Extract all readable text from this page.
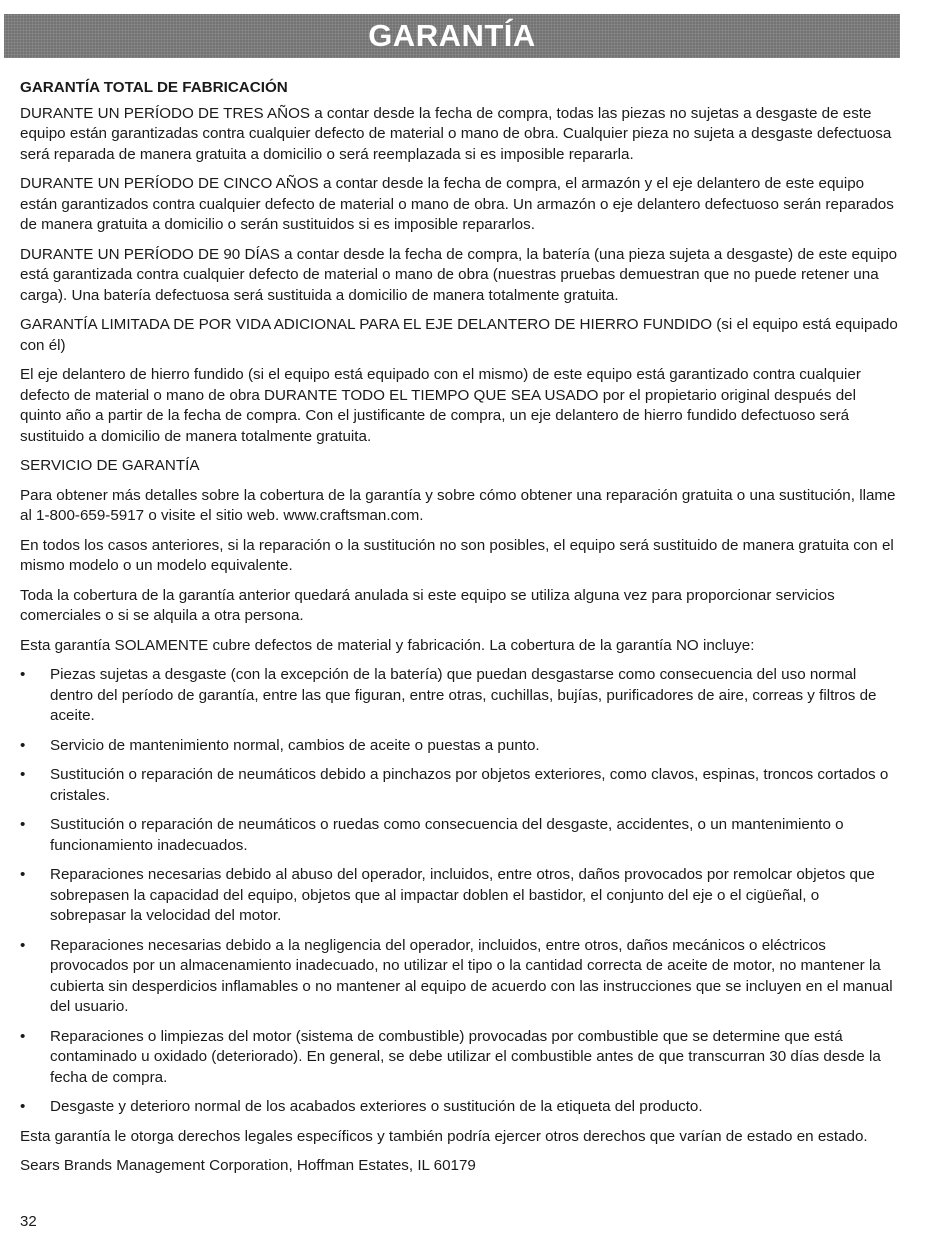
GARANTÍA

GARANTÍA TOTAL DE FABRICACIÓN

DURANTE UN PERÍODO DE TRES AÑOS a contar desde la fecha de compra, todas las piezas no sujetas a desgaste de este equipo están garantizadas contra cualquier defecto de material o mano de obra. Cualquier pieza no sujeta a desgaste defectuosa será reparada de manera gratuita a domicilio o será reemplazada si es imposible repararla.

DURANTE UN PERÍODO DE CINCO AÑOS a contar desde la fecha de compra, el armazón y el eje delantero de este equipo están garantizados contra cualquier defecto de material o mano de obra. Un armazón o eje delantero defectuoso serán reparados de manera gratuita a domicilio o serán sustituidos si es imposible repararlos.

DURANTE UN PERÍODO DE 90 DÍAS a contar desde la fecha de compra, la batería (una pieza sujeta a desgaste) de este equipo está garantizada contra cualquier defecto de material o mano de obra (nuestras pruebas demuestran que no puede retener una carga). Una batería defectuosa será sustituida a domicilio de manera totalmente gratuita.

GARANTÍA LIMITADA DE POR VIDA ADICIONAL PARA EL EJE DELANTERO DE HIERRO FUNDIDO (si el equipo está equipado con él)

El eje delantero de hierro fundido (si el equipo está equipado con el mismo) de este equipo está garantizado contra cualquier defecto de material o mano de obra DURANTE TODO EL TIEMPO QUE SEA USADO por el propietario original después del quinto año a partir de la fecha de compra. Con el justificante de compra, un eje delantero de hierro fundido defectuoso será sustituido a domicilio de manera totalmente gratuita.

SERVICIO DE GARANTÍA

Para obtener más detalles sobre la cobertura de la garantía y sobre cómo obtener una reparación gratuita o una sustitución, llame al 1-800-659-5917 o visite el sitio web. www.craftsman.com.

En todos los casos anteriores, si la reparación o la sustitución no son posibles, el equipo será sustituido de manera gratuita con el mismo modelo o un modelo equivalente.

Toda la cobertura de la garantía anterior quedará anulada si este equipo se utiliza alguna vez para proporcionar servicios comerciales o si se alquila a otra persona.

Esta garantía SOLAMENTE cubre defectos de material y fabricación. La cobertura de la garantía NO incluye:

• Piezas sujetas a desgaste (con la excepción de la batería) que puedan desgastarse como consecuencia del uso normal dentro del período de garantía, entre las que figuran, entre otras, cuchillas, bujías, purificadores de aire, correas y filtros de aceite.
• Servicio de mantenimiento normal, cambios de aceite o puestas a punto.
• Sustitución o reparación de neumáticos debido a pinchazos por objetos exteriores, como clavos, espinas, troncos cortados o cristales.
• Sustitución o reparación de neumáticos o ruedas como consecuencia del desgaste, accidentes, o un mantenimiento o funcionamiento inadecuados.
• Reparaciones necesarias debido al abuso del operador, incluidos, entre otros, daños provocados por remolcar objetos que sobrepasen la capacidad del equipo, objetos que al impactar doblen el bastidor, el conjunto del eje o el cigüeñal, o sobrepasar la velocidad del motor.
• Reparaciones necesarias debido a la negligencia del operador, incluidos, entre otros, daños mecánicos o eléctricos provocados por un almacenamiento inadecuado, no utilizar el tipo o la cantidad correcta de aceite de motor, no mantener la cubierta sin desperdicios inflamables o no mantener al equipo de acuerdo con las instrucciones que se incluyen en el manual del usuario.
• Reparaciones o limpiezas del motor (sistema de combustible) provocadas por combustible que se determine que está contaminado u oxidado (deteriorado). En general, se debe utilizar el combustible antes de que transcurran 30 días desde la fecha de compra.
• Desgaste y deterioro normal de los acabados exteriores o sustitución de la etiqueta del producto.

Esta garantía le otorga derechos legales específicos y también podría ejercer otros derechos que varían de estado en estado.

Sears Brands Management Corporation, Hoffman Estates, IL 60179

32
